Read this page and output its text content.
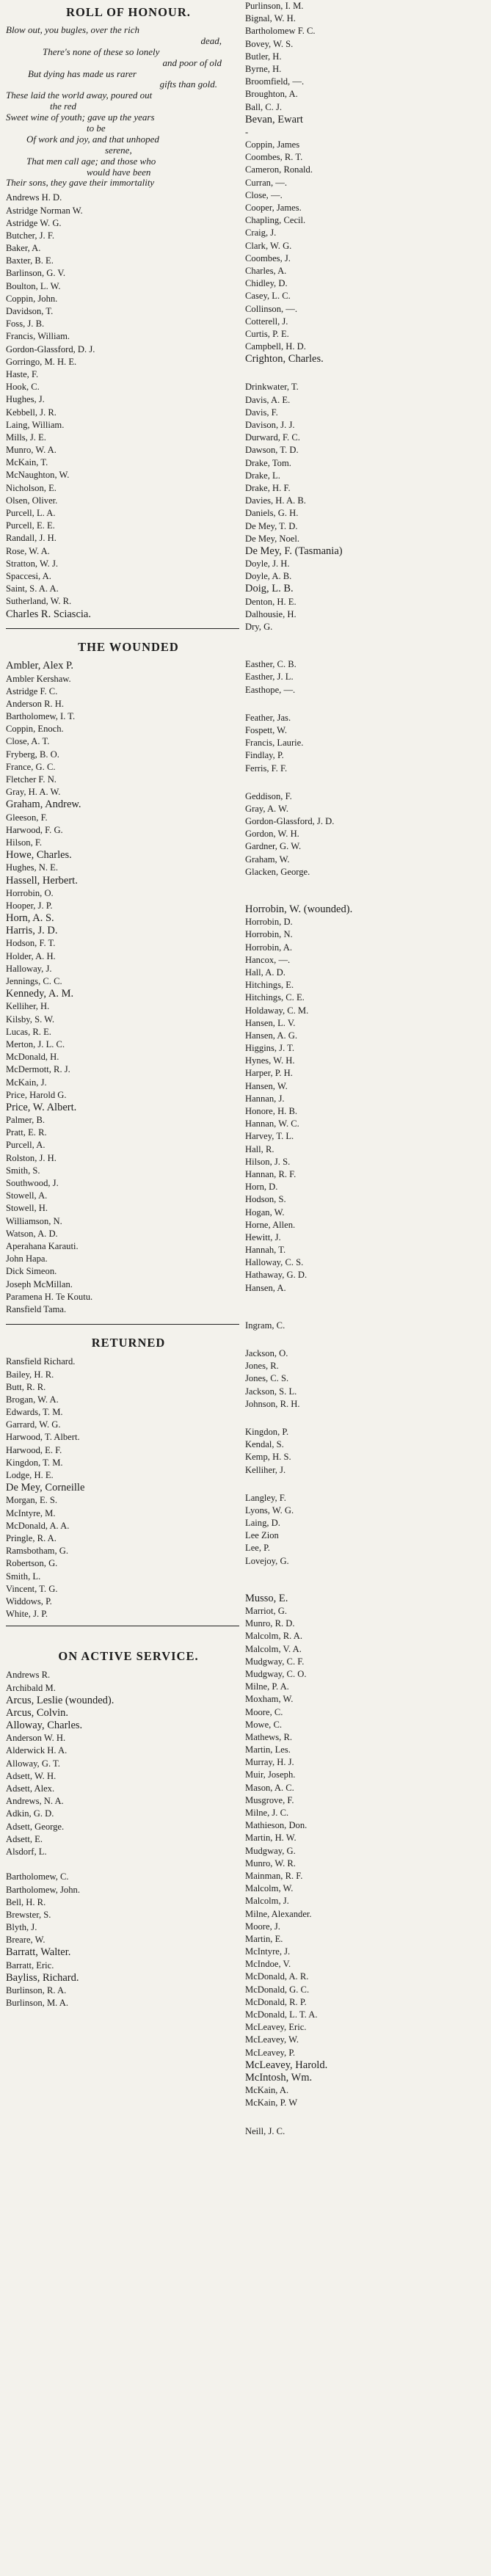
ROLL OF HONOUR.
Blow out, you bugles, over the rich
dead,
There's none of these so lonely
and poor of old
But dying has made us rarer
gifts than gold.
These laid the world away, poured out
the red
Sweet wine of youth; gave up the years
to be
Of work and joy, and that unhoped
serene,
That men call age; and those who
would have been
Their sons, they gave their immortality
Andrews H. D.
Astridge Norman W.
Astridge W. G.
Butcher, J. F.
Baker, A.
Baxter, B. E.
Barlinson, G. V.
Boulton, L. W.
Coppin, John.
Davidson, T.
Foss, J. B.
Francis, William.
Gordon-Glassford, D. J.
Gorringo, M. H. E.
Haste, F.
Hook, C.
Hughes, J.
Kebbell, J. R.
Laing, William.
Mills, J. E.
Munro, W. A.
McKain, T.
McNaughton, W.
Nicholson, E.
Olsen, Oliver.
Purcell, L. A.
Purcell, E. E.
Randall, J. H.
Rose, W. A.
Stratton, W. J.
Spaccesi, A.
Saint, S. A. A.
Sutherland, W. R.
Charles R. Sciascia.
THE WOUNDED
Ambler, Alex P.
Ambler Kershaw.
Astridge F. C.
Anderson R. H.
Bartholomew, I. T.
Coppin, Enoch.
Close, A. T.
Fryberg, B. O.
France, G. C.
Fletcher F. N.
Gray, H. A. W.
Graham, Andrew.
Gleeson, F.
Harwood, F. G.
Hilson, F.
Howe, Charles.
Hughes, N. E.
Hassell, Herbert.
Horrobin, O.
Hooper, J. P.
Horn, A. S.
Harris, J. D.
Hodson, F. T.
Holder, A. H.
Halloway, J.
Jennings, C. C.
Kennedy, A. M.
Kelliher, H.
Kilsby, S. W.
Lucas, R. E.
Merton, J. L. C.
McDonald, H.
McDermott, R. J.
McKain, J.
Price, Harold G.
Price, W. Albert.
Palmer, B.
Pratt, E. R.
Purcell, A.
Rolston, J. H.
Smith, S.
Southwood, J.
Stowell, A.
Stowell, H.
Williamson, N.
Watson, A. D.
Aperahana Karauti.
John Hapa.
Dick Simeon.
Joseph McMillan.
Paramena H. Te Koutu.
Ransfield Tama.
RETURNED
Ransfield Richard.
Bailey, H. R.
Butt, R. R.
Brogan, W. A.
Edwards, T. M.
Garrard, W. G.
Harwood, T. Albert.
Harwood, E. F.
Kingdon, T. M.
Lodge, H. E.
De Mey, Corneille
Morgan, E. S.
McIntyre, M.
McDonald, A. A.
Pringle, R. A.
Ramsbotham, G.
Robertson, G.
Smith, L.
Vincent, T. G.
Widdows, P.
White, J. P.
ON ACTIVE SERVICE.
Andrews R.
Archibald M.
Arcus, Leslie (wounded).
Arcus, Colvin.
Alloway, Charles.
Anderson W. H.
Alderwick H. A.
Alloway, G. T.
Adsett, W. H.
Adsett, Alex.
Andrews, N. A.
Adkin, G. D.
Adsett, George.
Adsett, E.
Alsdorf, L.
Bartholomew, C.
Bartholomew, John.
Bell, H. R.
Brewster, S.
Blyth, J.
Breare, W.
Barratt, Walter.
Barratt, Eric.
Bayliss, Richard.
Burlinson, R. A.
Burlinson, M. A.
Purlinson, I. M.
Bignal, W. H.
Bartholomew F. C.
Bovey, W. S.
Butler, H.
Byrne, H.
Broomfield, —.
Broughton, A.
Ball, C. J.
Bevan, Ewart
-
Coppin, James
Coombes, R. T.
Cameron, Ronald.
Curran, —.
Close, —.
Cooper, James.
Chapling, Cecil.
Craig, J.
Clark, W. G.
Coombes, J.
Charles, A.
Chidley, D.
Casey, L. C.
Collinson, —.
Cotterell, J.
Curtis, P. E.
Campbell, H. D.
Crighton, Charles.
Drinkwater, T.
Davis, A. E.
Davis, F.
Davison, J. J.
Durward, F. C.
Dawson, T. D.
Drake, Tom.
Drake, L.
Drake, H. F.
Davies, H. A. B.
Daniels, G. H.
De Mey, T. D.
De Mey, Noel.
De Mey, F. (Tasmania)
Doyle, J. H.
Doyle, A. B.
Doig, L. B.
Denton, H. E.
Dalhousie, H.
Dry, G.
Easther, C. B.
Easther, J. L.
Easthope, —.
Feather, Jas.
Fospett, W.
Francis, Laurie.
Findlay, P.
Ferris, F. F.
Geddison, F.
Gray, A. W.
Gordon-Glassford, J. D.
Gordon, W. H.
Gardner, G. W.
Graham, W.
Glacken, George.
Horrobin, W. (wounded).
Horrobin, D.
Horrobin, N.
Horrobin, A.
Hancox, —.
Hall, A. D.
Hitchings, E.
Hitchings, C. E.
Holdaway, C. M.
Hansen, L. V.
Hansen, A. G.
Higgins, J. T.
Hynes, W. H.
Harper, P. H.
Hansen, W.
Hannan, J.
Honore, H. B.
Hannan, W. C.
Harvey, T. L.
Hall, R.
Hilson, J. S.
Hannan, R. F.
Horn, D.
Hodson, S.
Hogan, W.
Horne, Allen.
Hewitt, J.
Hannah, T.
Halloway, C. S.
Hathaway, G. D.
Hansen, A.
Ingram, C.
Jackson, O.
Jones, R.
Jones, C. S.
Jackson, S. L.
Johnson, R. H.
Kingdon, P.
Kendal, S.
Kemp, H. S.
Kelliher, J.
Langley, F.
Lyons, W. G.
Laing, D.
Lee Zion
Lee, P.
Lovejoy, G.
Musso, E.
Marriot, G.
Munro, R. D.
Malcolm, R. A.
Malcolm, V. A.
Mudgway, C. F.
Mudgway, C. O.
Milne, P. A.
Moxham, W.
Moore, C.
Mowe, C.
Mathews, R.
Martin, Les.
Murray, H. J.
Muir, Joseph.
Mason, A. C.
Musgrove, F.
Milne, J. C.
Mathieson, Don.
Martin, H. W.
Mudgway, G.
Munro, W. R.
Mainman, R. F.
Malcolm, W.
Malcolm, J.
Milne, Alexander.
Moore, J.
Martin, E.
McIntyre, J.
McIndoe, V.
McDonald, A. R.
McDonald, G. C.
McDonald, R. P.
McDonald, L. T. A.
McLeavey, Eric.
McLeavey, W.
McLeavey, P.
McLeavey, Harold.
McIntosh, Wm.
McKain, A.
McKain, P. W
Neill, J. C.
